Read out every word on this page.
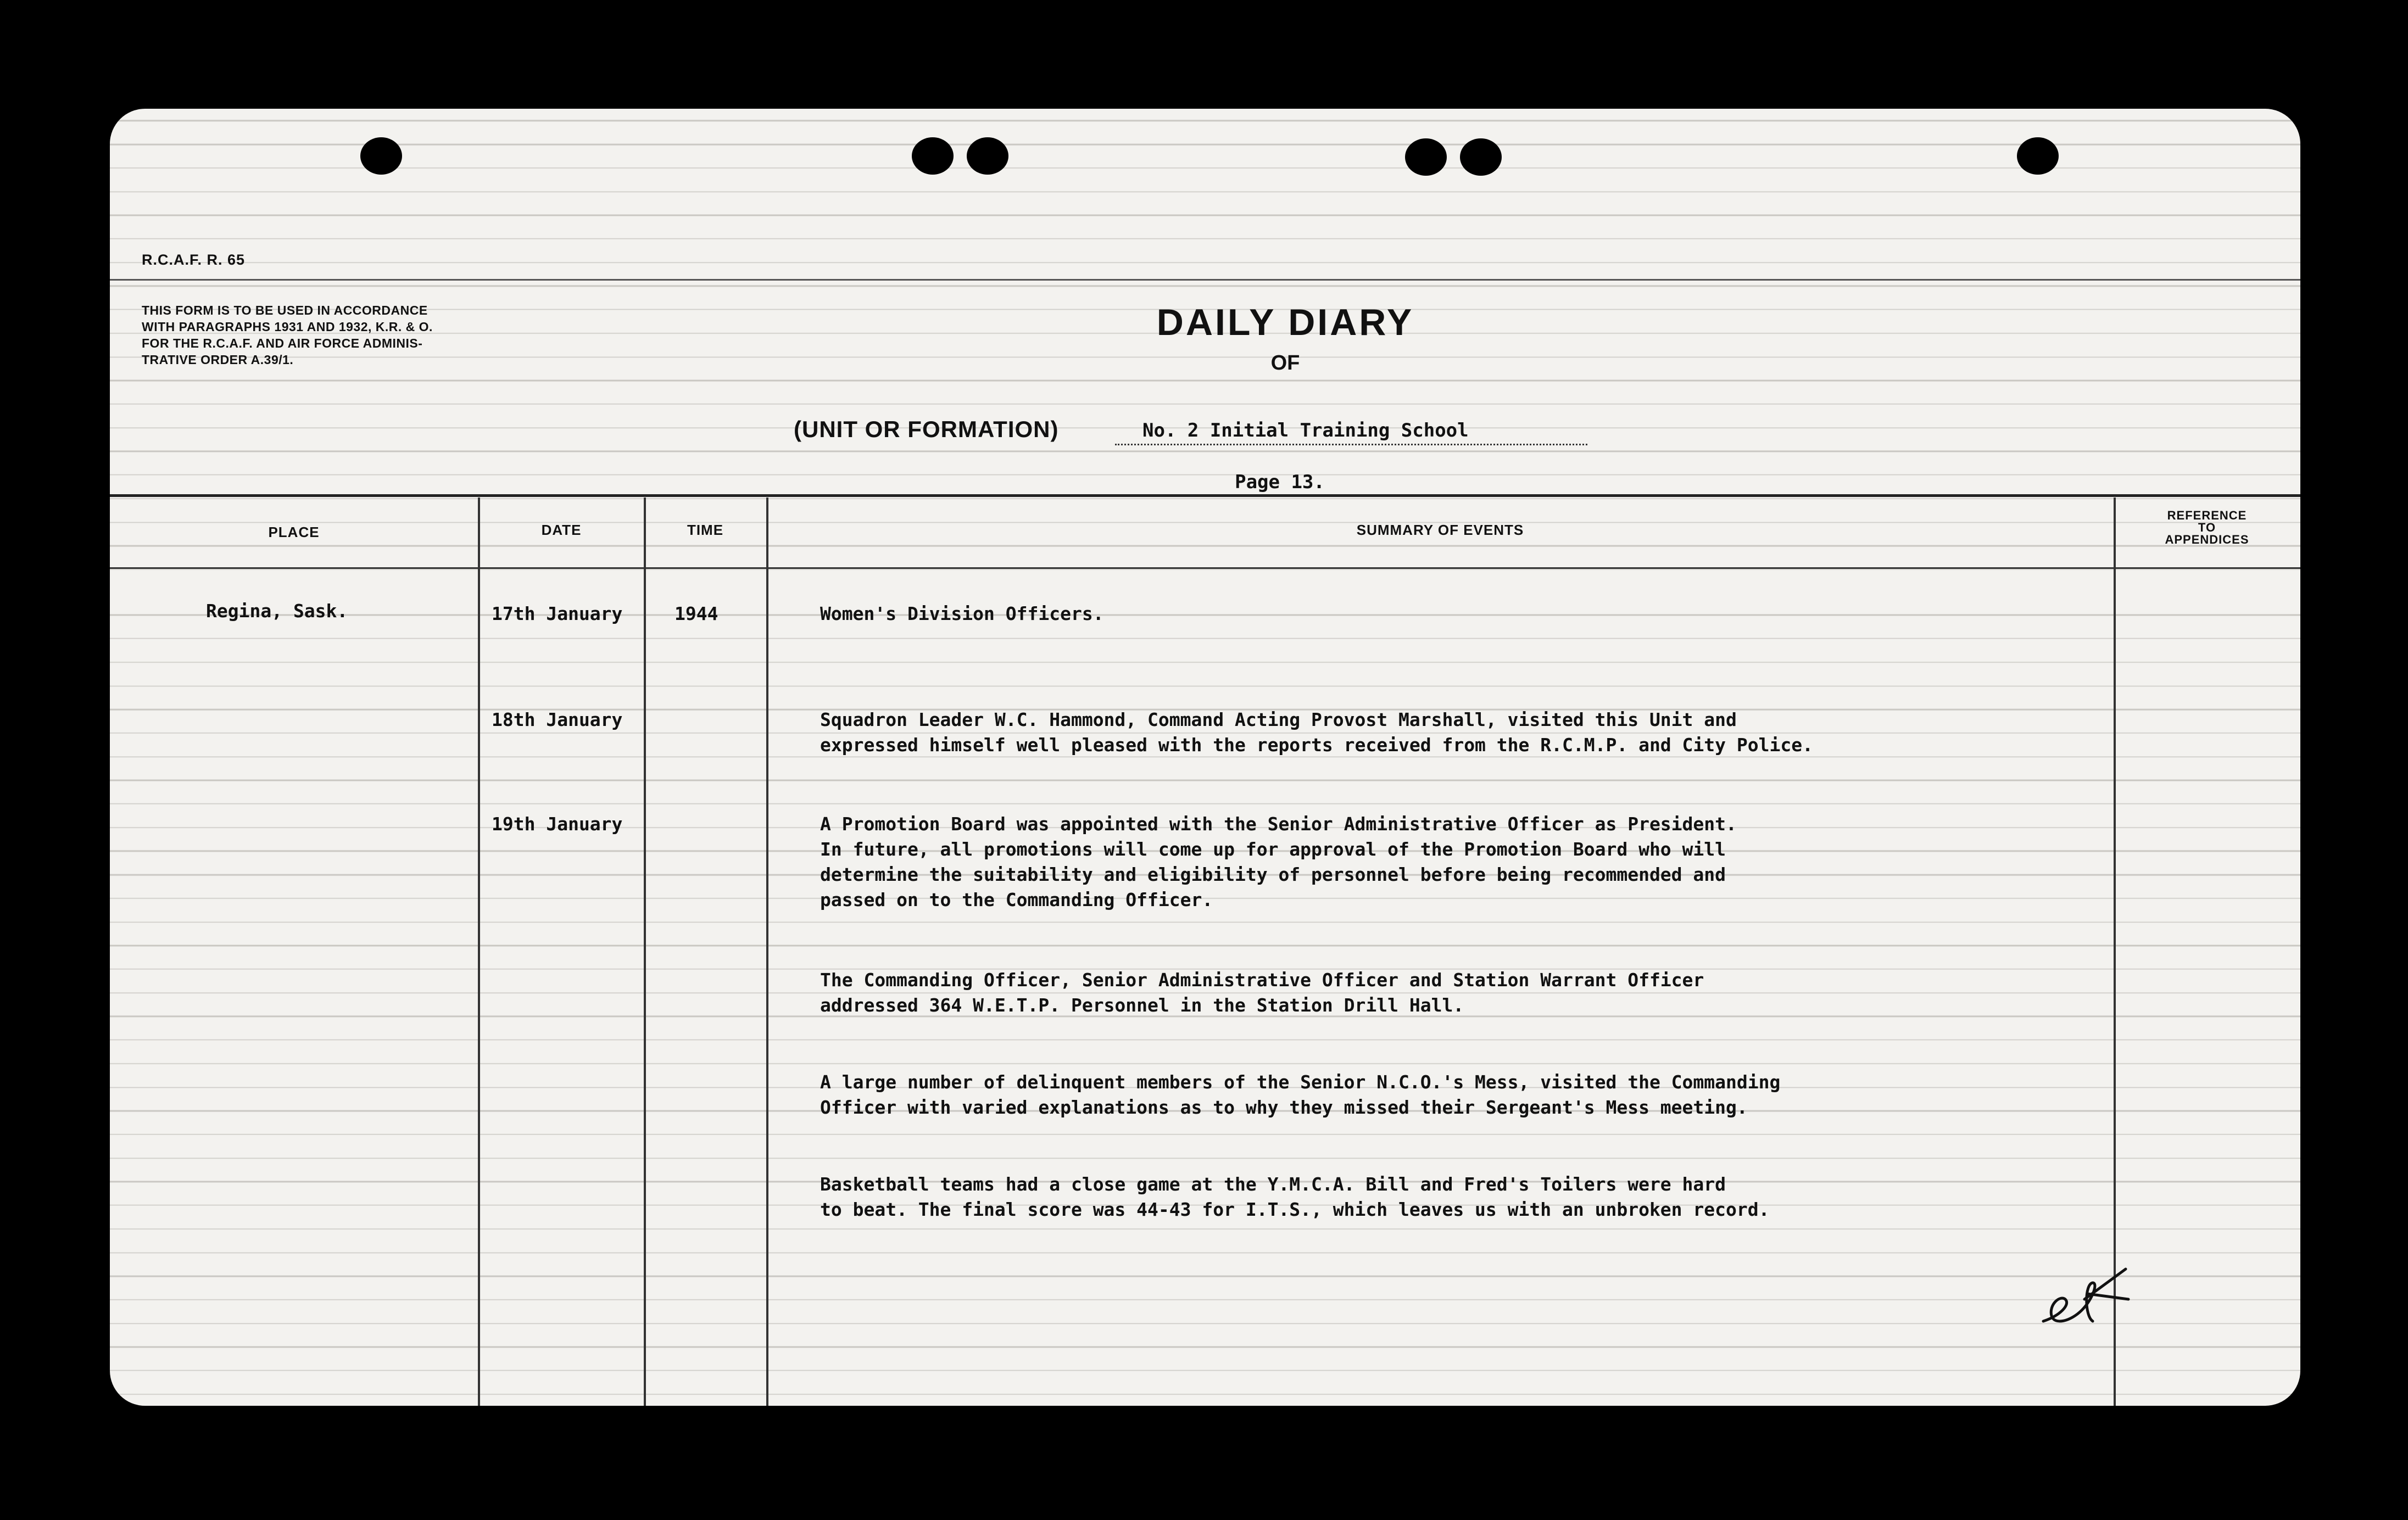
R.C.A.F. R. 65
THIS FORM IS TO BE USED IN ACCORDANCE
WITH PARAGRAPHS 1931 AND 1932, K.R. & O.
FOR THE R.C.A.F. AND AIR FORCE ADMINIS-
TRATIVE ORDER A.39/1.
DAILY DIARY
OF
(UNIT OR FORMATION)	No. 2 Initial Training School
Page 13.
PLACE	DATE	TIME	SUMMARY OF EVENTS
REFERENCE
TO
APPENDICES
Regina, Sask.	17th January	1944	Women's Division Officers.
18th January	Squadron Leader W.C. Hammond, Command Acting Provost Marshall, visited this Unit and
expressed himself well pleased with the reports received from the R.C.M.P. and City Police.
19th January	A Promotion Board was appointed with the Senior Administrative Officer as President.
In future, all promotions will come up for approval of the Promotion Board who will
determine the suitability and eligibility of personnel before being recommended and
passed on to the Commanding Officer.
The Commanding Officer, Senior Administrative Officer and Station Warrant Officer
addressed 364 W.E.T.P. Personnel in the Station Drill Hall.
A large number of delinquent members of the Senior N.C.O.'s Mess, visited the Commanding
Officer with varied explanations as to why they missed their Sergeant's Mess meeting.
Basketball teams had a close game at the Y.M.C.A. Bill and Fred's Toilers were hard
to beat. The final score was 44-43 for I.T.S., which leaves us with an unbroken record.
